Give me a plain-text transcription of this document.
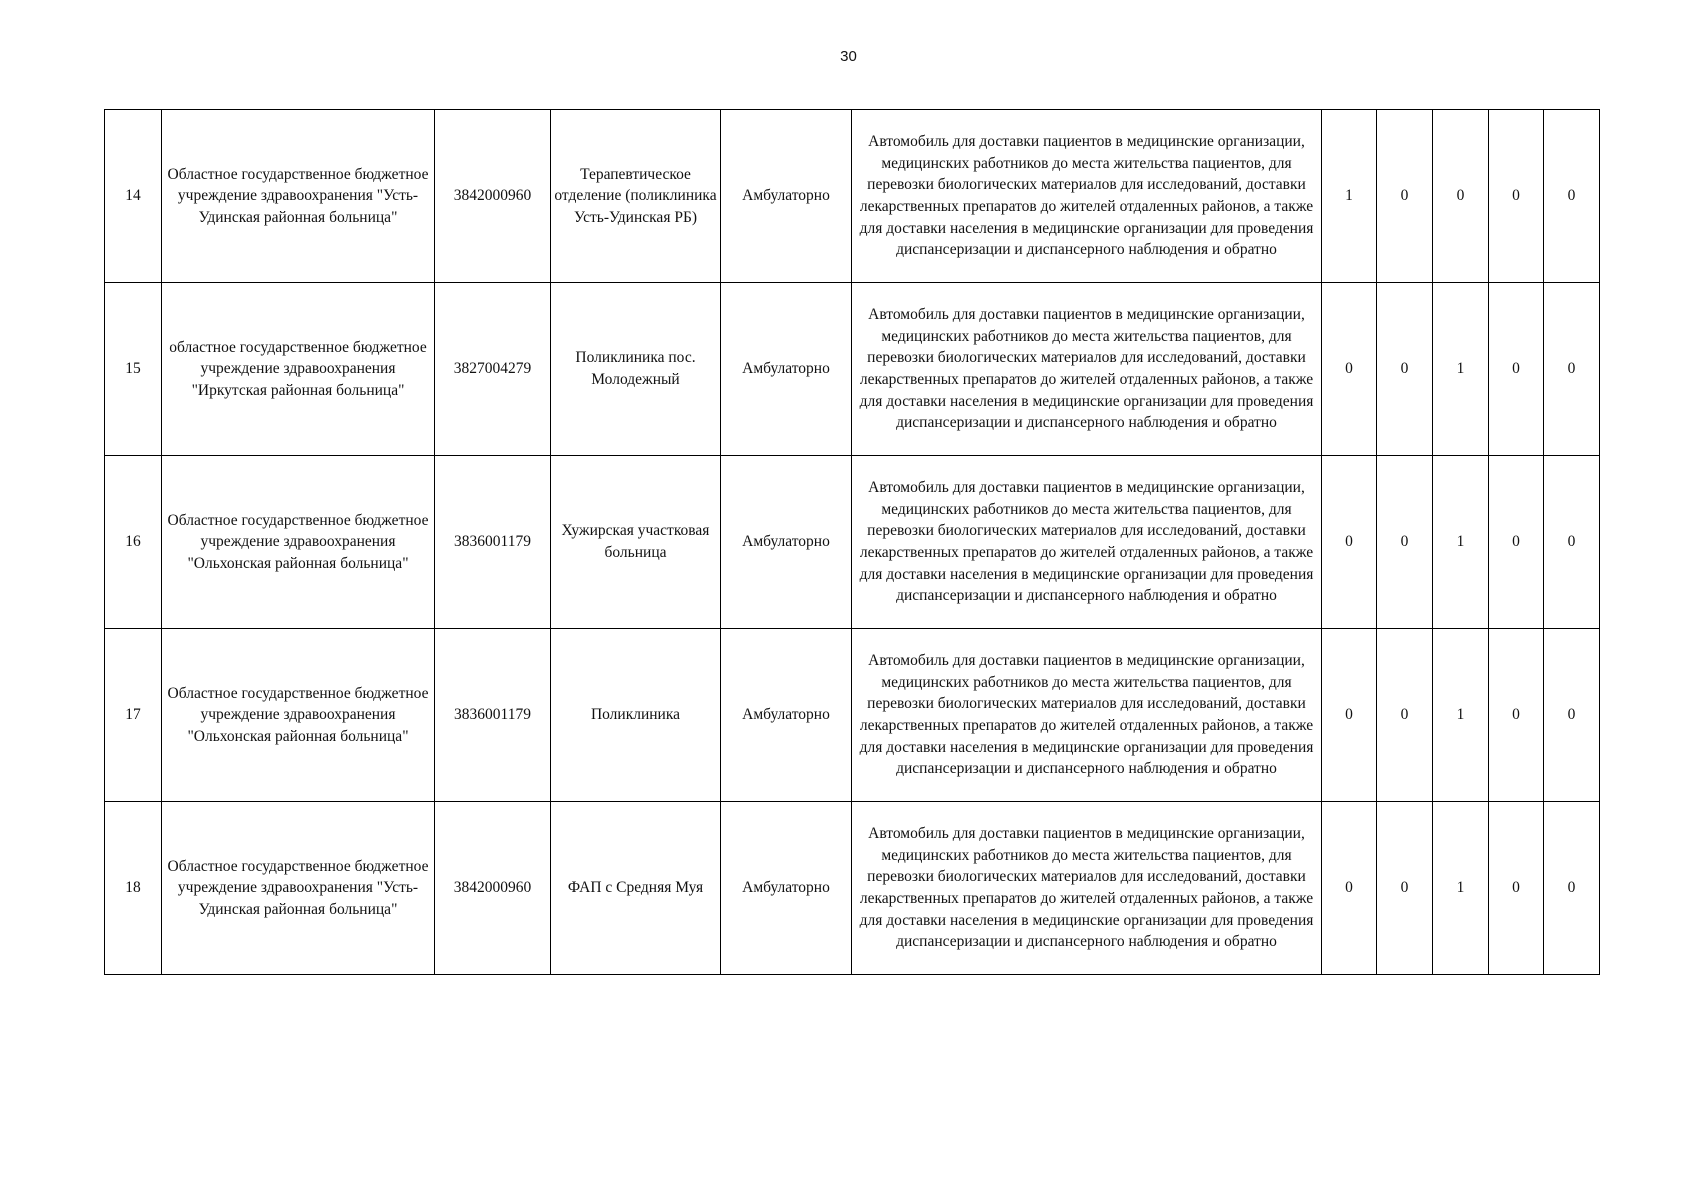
30
14	Областное государственное бюджетное учреждение здравоохранения "Усть-Удинская районная больница"	3842000960	Терапевтическое отделение (поликлиника Усть-Удинская РБ)	Амбулаторно	Автомобиль для доставки пациентов в медицинские организации, медицинских работников до места жительства пациентов, для перевозки биологических материалов для исследований, доставки лекарственных препаратов до жителей отдаленных районов, а также для доставки населения в медицинские организации для проведения диспансеризации и диспансерного наблюдения и обратно	1	0	0	0	0
15	областное государственное бюджетное учреждение здравоохранения "Иркутская районная больница"	3827004279	Поликлиника пос. Молодежный	Амбулаторно	Автомобиль для доставки пациентов в медицинские организации, медицинских работников до места жительства пациентов, для перевозки биологических материалов для исследований, доставки лекарственных препаратов до жителей отдаленных районов, а также для доставки населения в медицинские организации для проведения диспансеризации и диспансерного наблюдения и обратно	0	0	1	0	0
16	Областное государственное бюджетное учреждение здравоохранения "Ольхонская районная больница"	3836001179	Хужирская участковая больница	Амбулаторно	Автомобиль для доставки пациентов в медицинские организации, медицинских работников до места жительства пациентов, для перевозки биологических материалов для исследований, доставки лекарственных препаратов до жителей отдаленных районов, а также для доставки населения в медицинские организации для проведения диспансеризации и диспансерного наблюдения и обратно	0	0	1	0	0
17	Областное государственное бюджетное учреждение здравоохранения "Ольхонская районная больница"	3836001179	Поликлиника	Амбулаторно	Автомобиль для доставки пациентов в медицинские организации, медицинских работников до места жительства пациентов, для перевозки биологических материалов для исследований, доставки лекарственных препаратов до жителей отдаленных районов, а также для доставки населения в медицинские организации для проведения диспансеризации и диспансерного наблюдения и обратно	0	0	1	0	0
18	Областное государственное бюджетное учреждение здравоохранения "Усть-Удинская районная больница"	3842000960	ФАП с Средняя Муя	Амбулаторно	Автомобиль для доставки пациентов в медицинские организации, медицинских работников до места жительства пациентов, для перевозки биологических материалов для исследований, доставки лекарственных препаратов до жителей отдаленных районов, а также для доставки населения в медицинские организации для проведения диспансеризации и диспансерного наблюдения и обратно	0	0	1	0	0
